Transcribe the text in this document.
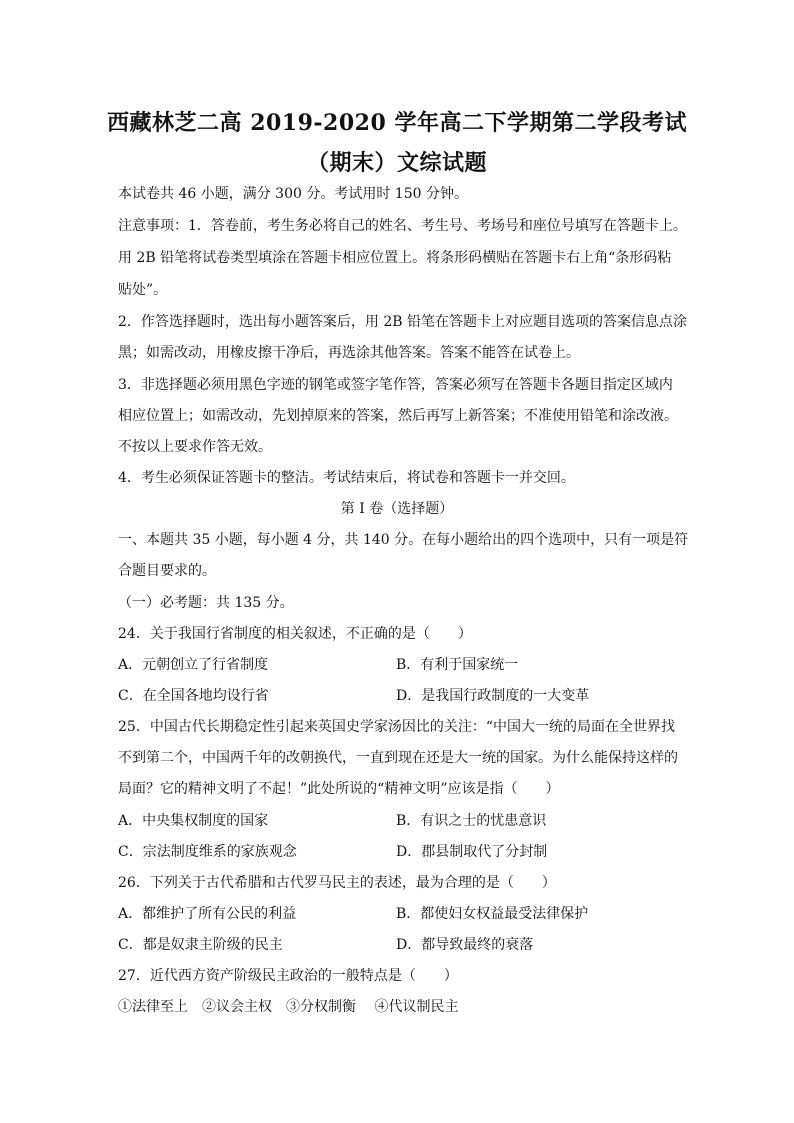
西藏林芝二高 2019-2020 学年高二下学期第二学段考试
（期末）文综试题
本试卷共 46 小题，满分 300 分。考试用时 150 分钟。
注意事项：1．答卷前，考生务必将自己的姓名、考生号、考场号和座位号填写在答题卡上。
用 2B 铅笔将试卷类型填涂在答题卡相应位置上。将条形码横贴在答题卡右上角“条形码粘
贴处”。
2．作答选择题时，选出每小题答案后，用 2B 铅笔在答题卡上对应题目选项的答案信息点涂
黑；如需改动，用橡皮擦干净后，再选涂其他答案。答案不能答在试卷上。
3．非选择题必须用黑色字迹的钢笔或签字笔作答，答案必须写在答题卡各题目指定区域内
相应位置上；如需改动，先划掉原来的答案，然后再写上新答案；不准使用铅笔和涂改液。
不按以上要求作答无效。
4．考生必须保证答题卡的整洁。考试结束后，将试卷和答题卡一并交回。
第 I 卷（选择题）
一、本题共 35 小题，每小题 4 分，共 140 分。在每小题给出的四个选项中，只有一项是符
合题目要求的。
（一）必考题：共 135 分。
24．关于我国行省制度的相关叙述，不正确的是（　　）
A．元朝创立了行省制度	B．有利于国家统一
C．在全国各地均设行省	D．是我国行政制度的一大变革
25．中国古代长期稳定性引起来英国史学家汤因比的关注：“中国大一统的局面在全世界找
不到第二个，中国两千年的改朝换代，一直到现在还是大一统的国家。为什么能保持这样的
局面？它的精神文明了不起！”此处所说的“精神文明”应该是指（　　）
A．中央集权制度的国家	B．有识之士的忧患意识
C．宗法制度维系的家族观念	D．郡县制取代了分封制
26．下列关于古代希腊和古代罗马民主的表述，最为合理的是（　　）
A．都维护了所有公民的利益	B．都使妇女权益最受法律保护
C．都是奴隶主阶级的民主	D．都导致最终的衰落
27．近代西方资产阶级民主政治的一般特点是（　　）
①法律至上　②议会主权　③分权制衡　 ④代议制民主
